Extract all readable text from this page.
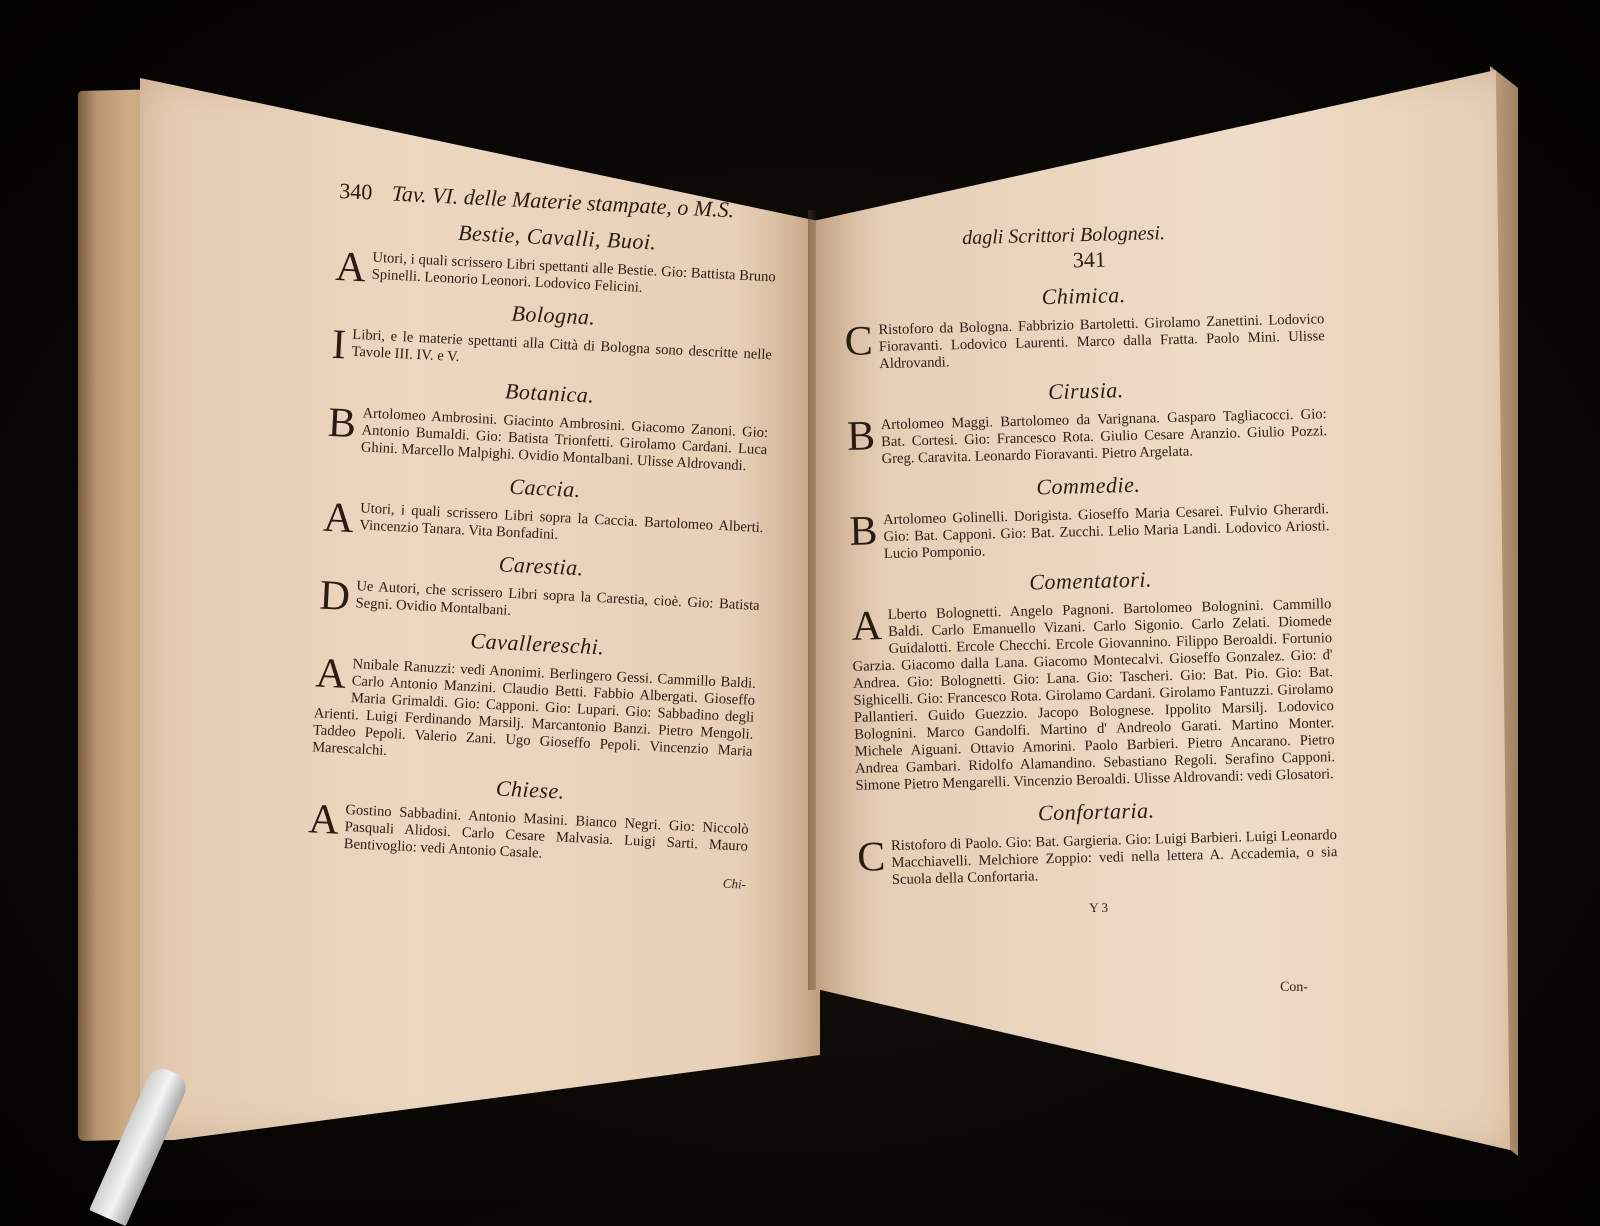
340 Tav. VI. delle Materie stampate, o M.S.
Bestie, Cavalli, Buoi.
A Utori, i quali scrissero Libri spettanti alle Bestie. Gio: Battista Bruno Spinelli. Leonorio Leonori. Lodovico Felicini.
Bologna.
I Libri, e le materie spettanti alla Città di Bologna sono descritte nelle Tavole III. IV. e V.
Botanica.
B Artolomeo Ambrosini. Giacinto Ambrosini. Giacomo Zanoni. Gio: Antonio Bumaldi. Gio: Batista Trionfetti. Girolamo Cardani. Luca Ghini. Marcello Malpighi. Ovidio Montalbani. Ulisse Aldrovandi.
Caccia.
A Utori, i quali scrissero Libri sopra la Caccia. Bartolomeo Alberti. Vincenzio Tanara. Vita Bonfadini.
Carestia.
D Ue Autori, che scrissero Libri sopra la Carestia, cioè. Gio: Batista Segni. Ovidio Montalbani.
Cavallereschi.
A Nnibale Ranuzzi: vedi Anonimi. Berlingero Gessi. Cammillo Baldi. Carlo Antonio Manzini. Claudio Betti. Fabbio Albergati. Gioseffo Maria Grimaldi. Gio: Capponi. Gio: Lupari. Gio: Sabbadino degli Arienti. Luigi Ferdinando Marsilj. Marcantonio Banzi. Pietro Mengoli. Taddeo Pepoli. Valerio Zani. Ugo Gioseffo Pepoli. Vincenzio Maria Marescalchi.
Chiese.
A Gostino Sabbadini. Antonio Masini. Bianco Negri. Gio: Niccolò Pasquali Alidosi. Carlo Cesare Malvasia. Luigi Sarti. Mauro Bentivoglio: vedi Antonio Casale.
Chi-
dagli Scrittori Bolognesi. 341
Chimica.
C Ristoforo da Bologna. Fabbrizio Bartoletti. Girolamo Zanettini. Lodovico Fioravanti. Lodovico Laurenti. Marco dalla Fratta. Paolo Mini. Ulisse Aldrovandi.
Cirusia.
B Artolomeo Maggi. Bartolomeo da Varignana. Gasparo Tagliacocci. Gio: Bat. Cortesi. Gio: Francesco Rota. Giulio Cesare Aranzio. Giulio Pozzi. Greg. Caravita. Leonardo Fioravanti. Pietro Argelata.
Commedie.
B Artolomeo Golinelli. Dorigista. Gioseffo Maria Cesarei. Fulvio Gherardi. Gio: Bat. Capponi. Gio: Bat. Zucchi. Lelio Maria Landi. Lodovico Ariosti. Lucio Pomponio.
Comentatori.
A Lberto Bolognetti. Angelo Pagnoni. Bartolomeo Bolognini. Cammillo Baldi. Carlo Emanuello Vizani. Carlo Sigonio. Carlo Zelati. Diomede Guidalotti. Ercole Checchi. Ercole Giovannino. Filippo Beroaldi. Fortunio Garzia. Giacomo dalla Lana. Giacomo Montecalvi. Gioseffo Gonzalez. Gio: d' Andrea. Gio: Bolognetti. Gio: Lana. Gio: Tascheri. Gio: Bat. Pio. Gio: Bat. Sighicelli. Gio: Francesco Rota. Girolamo Cardani. Girolamo Fantuzzi. Girolamo Pallantieri. Guido Guezzio. Jacopo Bolognese. Ippolito Marsilj. Lodovico Bolognini. Marco Gandolfi. Martino d' Andreolo Garati. Martino Monter. Michele Aiguani. Ottavio Amorini. Paolo Barbieri. Pietro Ancarano. Pietro Andrea Gambari. Ridolfo Alamandino. Sebastiano Regoli. Serafino Capponi. Simone Pietro Mengarelli. Vincenzio Beroaldi. Ulisse Aldrovandi: vedi Glosatori.
Confortaria.
C Ristoforo di Paolo. Gio: Bat. Gargieria. Gio: Luigi Barbieri. Luigi Leonardo Macchiavelli. Melchiore Zoppio: vedi nella lettera A. Accademia, o sia Scuola della Confortaria.
Y 3
Con-
